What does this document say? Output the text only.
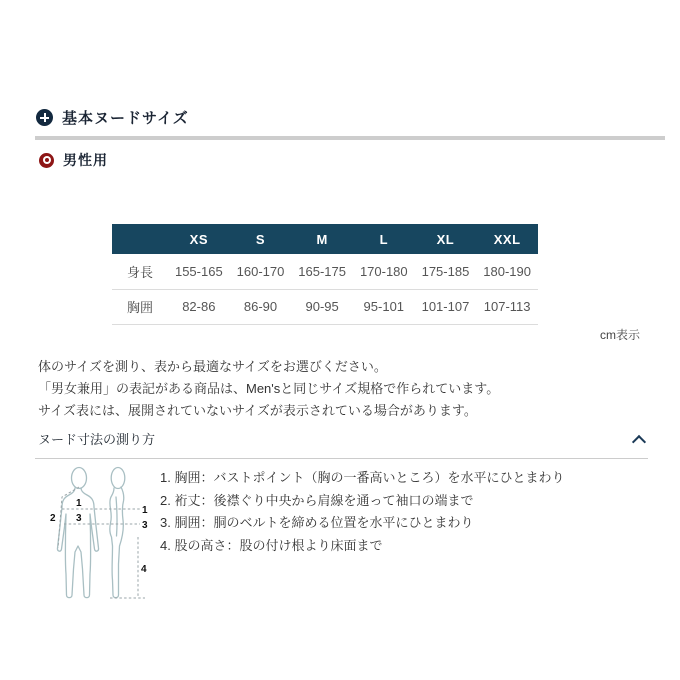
基本ヌードサイズ
男性用
	XS	S	M	L	XL	XXL
身長	155-165	160-170	165-175	170-180	175-185	180-190
胸囲	82-86	86-90	90-95	95-101	101-107	107-113
cm表示
体のサイズを測り、表から最適なサイズをお選びください。
「男女兼用」の表記がある商品は、Men'sと同じサイズ規格で作られています。
サイズ表には、展開されていないサイズが表示されている場合があります。
ヌード寸法の測り方
1
2 3
1
3
4
1. 胸囲：バストポイント（胸の一番高いところ）を水平にひとまわり
2. 裄丈：後襟ぐり中央から肩線を通って袖口の端まで
3. 胴囲：胴のベルトを締める位置を水平にひとまわり
4. 股の高さ：股の付け根より床面まで
